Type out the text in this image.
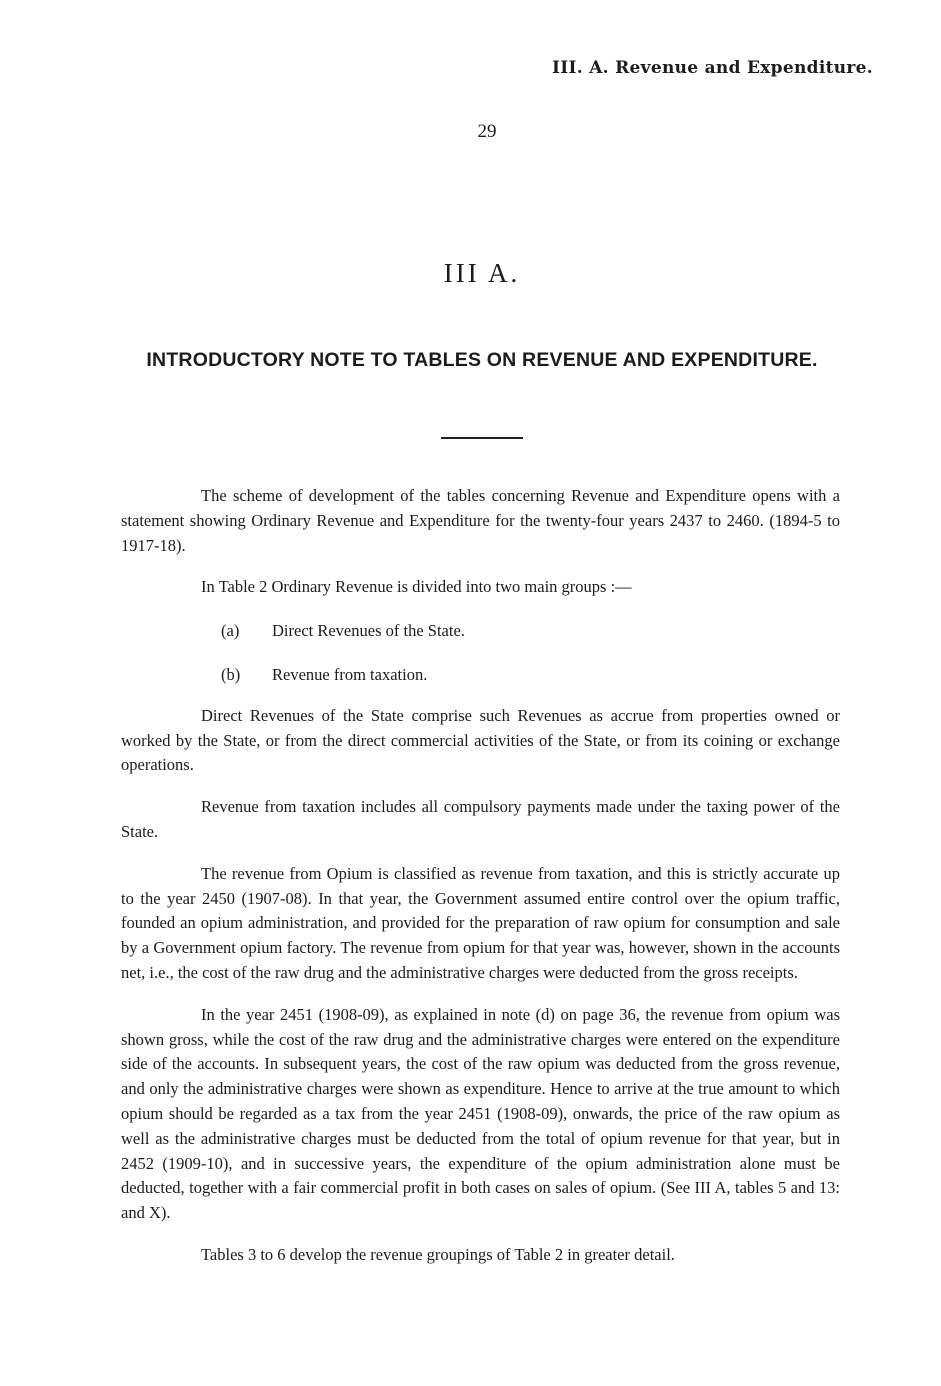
III. A. Revenue and Expenditure.
29
III A.
INTRODUCTORY NOTE TO TABLES ON REVENUE AND EXPENDITURE.

The scheme of development of the tables concerning Revenue and Expenditure opens with a statement showing Ordinary Revenue and Expenditure for the twenty-four years 2437 to 2460. (1894-5 to 1917-18).

In Table 2 Ordinary Revenue is divided into two main groups :—

(a) Direct Revenues of the State.

(b) Revenue from taxation.

Direct Revenues of the State comprise such Revenues as accrue from properties owned or worked by the State, or from the direct commercial activities of the State, or from its coining or exchange operations.

Revenue from taxation includes all compulsory payments made under the taxing power of the State.

The revenue from Opium is classified as revenue from taxation, and this is strictly accurate up to the year 2450 (1907-08). In that year, the Government assumed entire control over the opium traffic, founded an opium administration, and provided for the preparation of raw opium for consumption and sale by a Government opium factory. The revenue from opium for that year was, however, shown in the accounts net, i.e., the cost of the raw drug and the administrative charges were deducted from the gross receipts.

In the year 2451 (1908-09), as explained in note (d) on page 36, the revenue from opium was shown gross, while the cost of the raw drug and the administrative charges were entered on the expenditure side of the accounts. In subsequent years, the cost of the raw opium was deducted from the gross revenue, and only the administrative charges were shown as expenditure. Hence to arrive at the true amount to which opium should be regarded as a tax from the year 2451 (1908-09), onwards, the price of the raw opium as well as the administrative charges must be deducted from the total of opium revenue for that year, but in 2452 (1909-10), and in successive years, the expenditure of the opium administration alone must be deducted, together with a fair commercial profit in both cases on sales of opium. (See III A, tables 5 and 13: and X).

Tables 3 to 6 develop the revenue groupings of Table 2 in greater detail.
